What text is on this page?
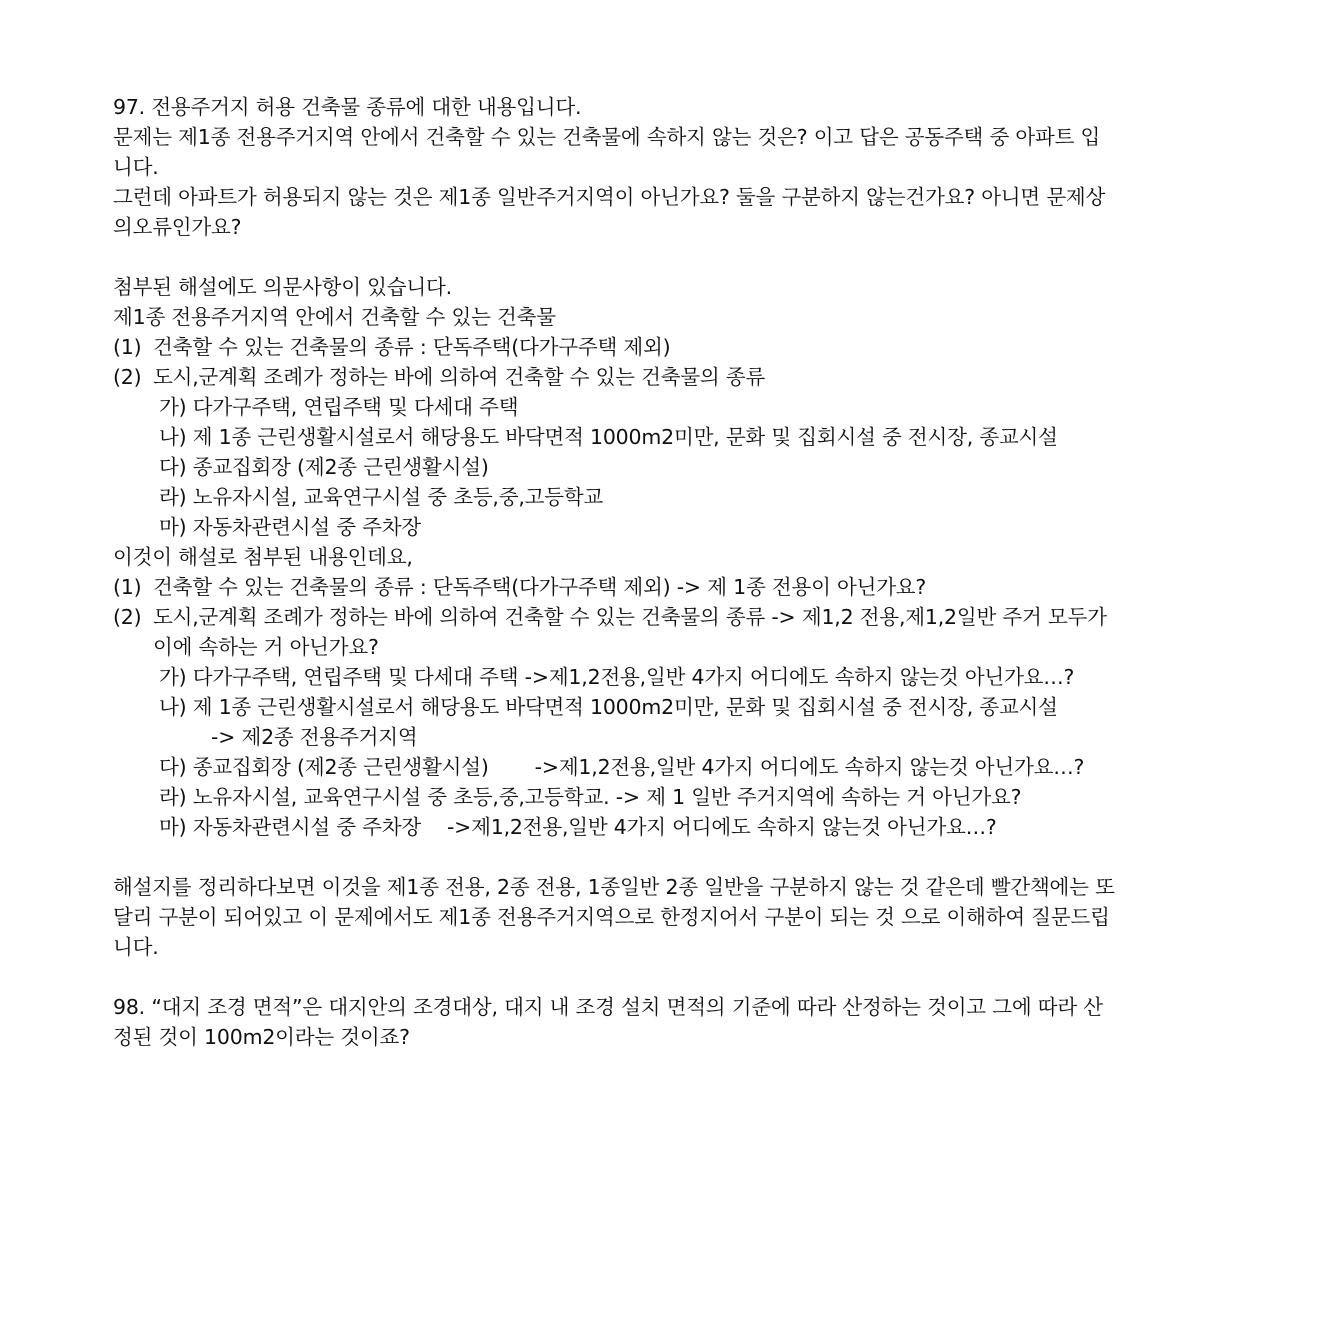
97. 전용주거지 허용 건축물 종류에 대한 내용입니다.
문제는 제1종 전용주거지역 안에서 건축할 수 있는 건축물에 속하지 않는 것은? 이고 답은 공동주택 중 아파트 입
니다.
그런데 아파트가 허용되지 않는 것은 제1종 일반주거지역이 아닌가요? 둘을 구분하지 않는건가요? 아니면 문제상
의오류인가요?
첨부된 해설에도 의문사항이 있습니다.
제1종 전용주거지역 안에서 건축할 수 있는 건축물
(1) 건축할 수 있는 건축물의 종류 : 단독주택(다가구주택 제외)
(2) 도시,군계획 조례가 정하는 바에 의하여 건축할 수 있는 건축물의 종류
가) 다가구주택, 연립주택 및 다세대 주택
나) 제 1종 근린생활시설로서 해당용도 바닥면적 1000m2미만, 문화 및 집회시설 중 전시장, 종교시설
다) 종교집회장 (제2종 근린생활시설)
라) 노유자시설, 교육연구시설 중 초등,중,고등학교
마) 자동차관련시설 중 주차장
이것이 해설로 첨부된 내용인데요,
(1) 건축할 수 있는 건축물의 종류 : 단독주택(다가구주택 제외) -> 제 1종 전용이 아닌가요?
(2) 도시,군계획 조례가 정하는 바에 의하여 건축할 수 있는 건축물의 종류 -> 제1,2 전용,제1,2일반 주거 모두가
이에 속하는 거 아닌가요?
가) 다가구주택, 연립주택 및 다세대 주택 ->제1,2전용,일반 4가지 어디에도 속하지 않는것 아닌가요…?
나) 제 1종 근린생활시설로서 해당용도 바닥면적 1000m2미만, 문화 및 집회시설 중 전시장, 종교시설
-> 제2종 전용주거지역
다) 종교집회장 (제2종 근린생활시설) ->제1,2전용,일반 4가지 어디에도 속하지 않는것 아닌가요…?
라) 노유자시설, 교육연구시설 중 초등,중,고등학교. -> 제 1 일반 주거지역에 속하는 거 아닌가요?
마) 자동차관련시설 중 주차장 ->제1,2전용,일반 4가지 어디에도 속하지 않는것 아닌가요…?
해설지를 정리하다보면 이것을 제1종 전용, 2종 전용, 1종일반 2종 일반을 구분하지 않는 것 같은데 빨간책에는 또
달리 구분이 되어있고 이 문제에서도 제1종 전용주거지역으로 한정지어서 구분이 되는 것 으로 이해하여 질문드립
니다.
98. “대지 조경 면적”은 대지안의 조경대상, 대지 내 조경 설치 면적의 기준에 따라 산정하는 것이고 그에 따라 산
정된 것이 100m2이라는 것이죠?
